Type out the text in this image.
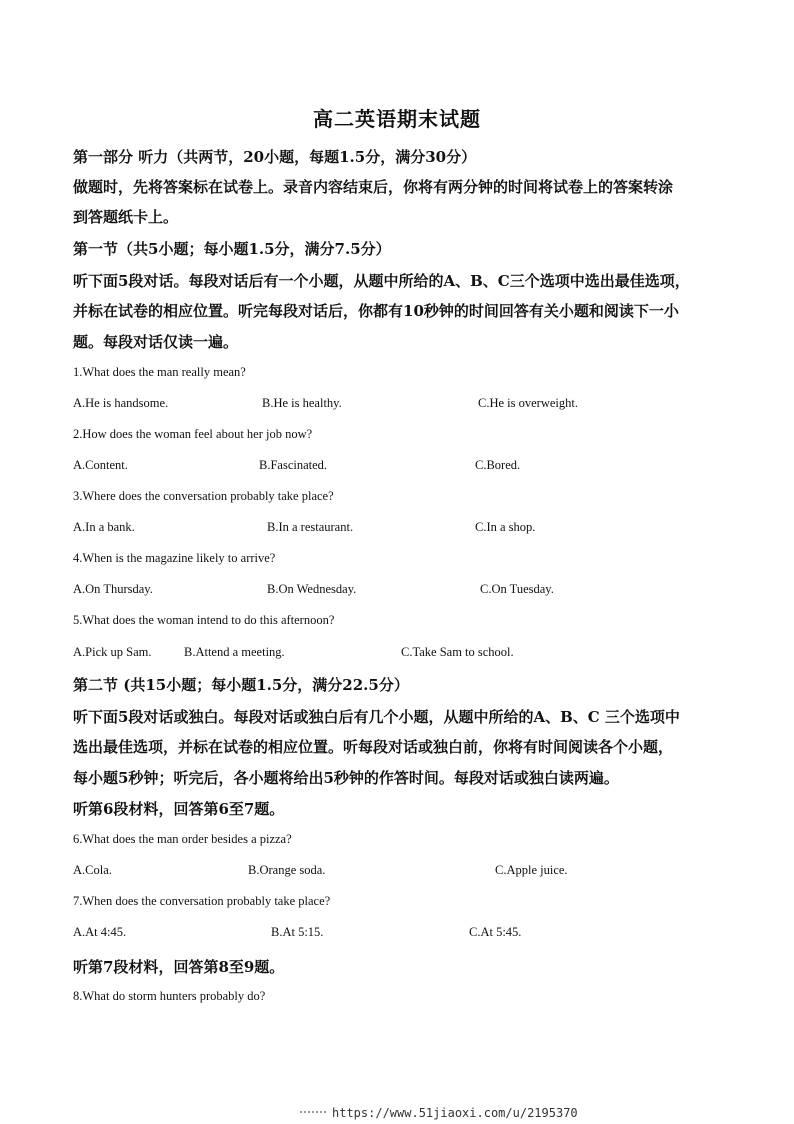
高二英语期末试题
第一部分 听力（共两节，20小题，每题1.5分，满分30分）
做题时，先将答案标在试卷上。录音内容结束后，你将有两分钟的时间将试卷上的答案转涂
到答题纸卡上。
第一节（共5小题；每小题1.5分，满分7.5分）
听下面5段对话。每段对话后有一个小题，从题中所给的A、B、C三个选项中选出最佳选项，
并标在试卷的相应位置。听完每段对话后，你都有10秒钟的时间回答有关小题和阅读下一小
题。每段对话仅读一遍。
1.What does the man really mean?
A.He is handsome.	B.He is healthy.	C.He is overweight.
2.How does the woman feel about her job now?
A.Content.	B.Fascinated.	C.Bored.
3.Where does the conversation probably take place?
A.In a bank.	B.In a restaurant.	C.In a shop.
4.When is the magazine likely to arrive?
A.On Thursday.	B.On Wednesday.	C.On Tuesday.
5.What does the woman intend to do this afternoon?
A.Pick up Sam.	B.Attend a meeting.	C.Take Sam to school.
第二节 (共15小题；每小题1.5分，满分22.5分）
听下面5段对话或独白。每段对话或独白后有几个小题，从题中所给的A、B、C 三个选项中
选出最佳选项，并标在试卷的相应位置。听每段对话或独白前，你将有时间阅读各个小题，
每小题5秒钟；听完后，各小题将给出5秒钟的作答时间。每段对话或独白读两遍。
听第6段材料，回答第6至7题。
6.What does the man order besides a pizza?
A.Cola.	B.Orange soda.	C.Apple juice.
7.When does the conversation probably take place?
A.At 4:45.	B.At 5:15.	C.At 5:45.
听第7段材料，回答第8至9题。
8.What do storm hunters probably do?
https://www.51jiaoxi.com/u/2195370
